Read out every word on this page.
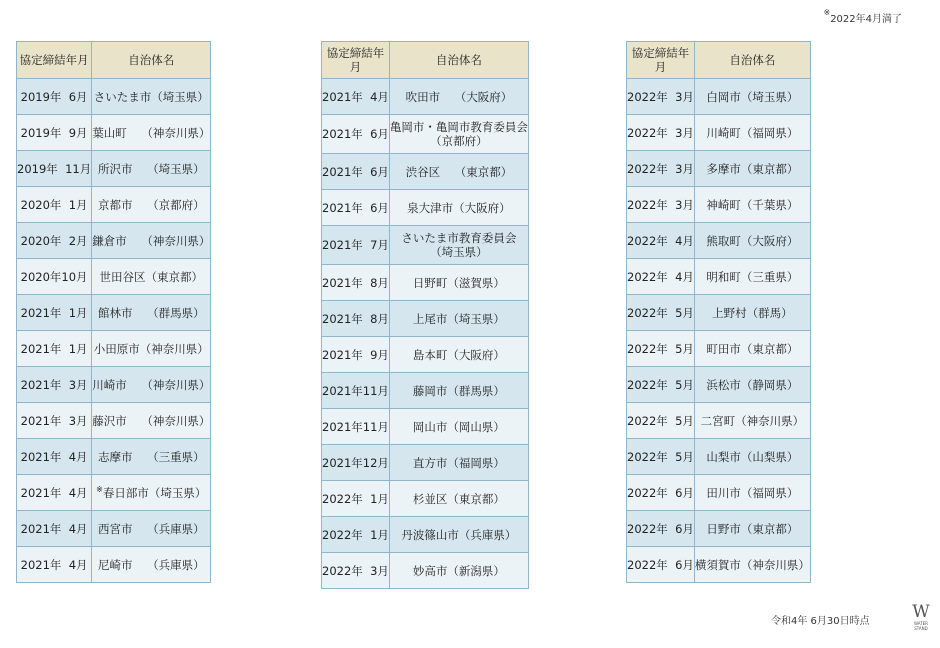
※2022年4月満了
協定締結年月	自治体名
2019年  6月	さいたま市（埼玉県）
2019年  9月	葉山町    （神奈川県）
2019年  11月	所沢市    （埼玉県）
2020年  1月	京都市    （京都府）
2020年  2月	鎌倉市    （神奈川県）
2020年10月	世田谷区（東京都）
2021年  1月	館林市    （群馬県）
2021年  1月	小田原市（神奈川県）
2021年  3月	川崎市    （神奈川県）
2021年  3月	藤沢市    （神奈川県）
2021年  4月	志摩市    （三重県）
2021年  4月	※春日部市（埼玉県）
2021年  4月	西宮市    （兵庫県）
2021年  4月	尼崎市    （兵庫県）
協定締結年月	自治体名
2021年  4月	吹田市    （大阪府）
2021年  6月	亀岡市・亀岡市教育委員会
（京都府）
2021年  6月	渋谷区    （東京都）
2021年  6月	泉大津市（大阪府）
2021年  7月	さいたま市教育委員会
（埼玉県）
2021年  8月	日野町（滋賀県）
2021年  8月	上尾市（埼玉県）
2021年  9月	島本町（大阪府）
2021年11月	藤岡市（群馬県）
2021年11月	岡山市（岡山県）
2021年12月	直方市（福岡県）
2022年  1月	杉並区（東京都）
2022年  1月	丹波篠山市（兵庫県）
2022年  3月	妙高市（新潟県）
協定締結年月	自治体名
2022年  3月	白岡市（埼玉県）
2022年  3月	川崎町（福岡県）
2022年  3月	多摩市（東京都）
2022年  3月	神崎町（千葉県）
2022年  4月	熊取町（大阪府）
2022年  4月	明和町（三重県）
2022年  5月	上野村（群馬）
2022年  5月	町田市（東京都）
2022年  5月	浜松市（静岡県）
2022年  5月	二宮町（神奈川県）
2022年  5月	山梨市（山梨県）
2022年  6月	田川市（福岡県）
2022年  6月	日野市（東京都）
2022年  6月	横須賀市（神奈川県）
令和4年 6月30日時点	W
WATER
STAND
